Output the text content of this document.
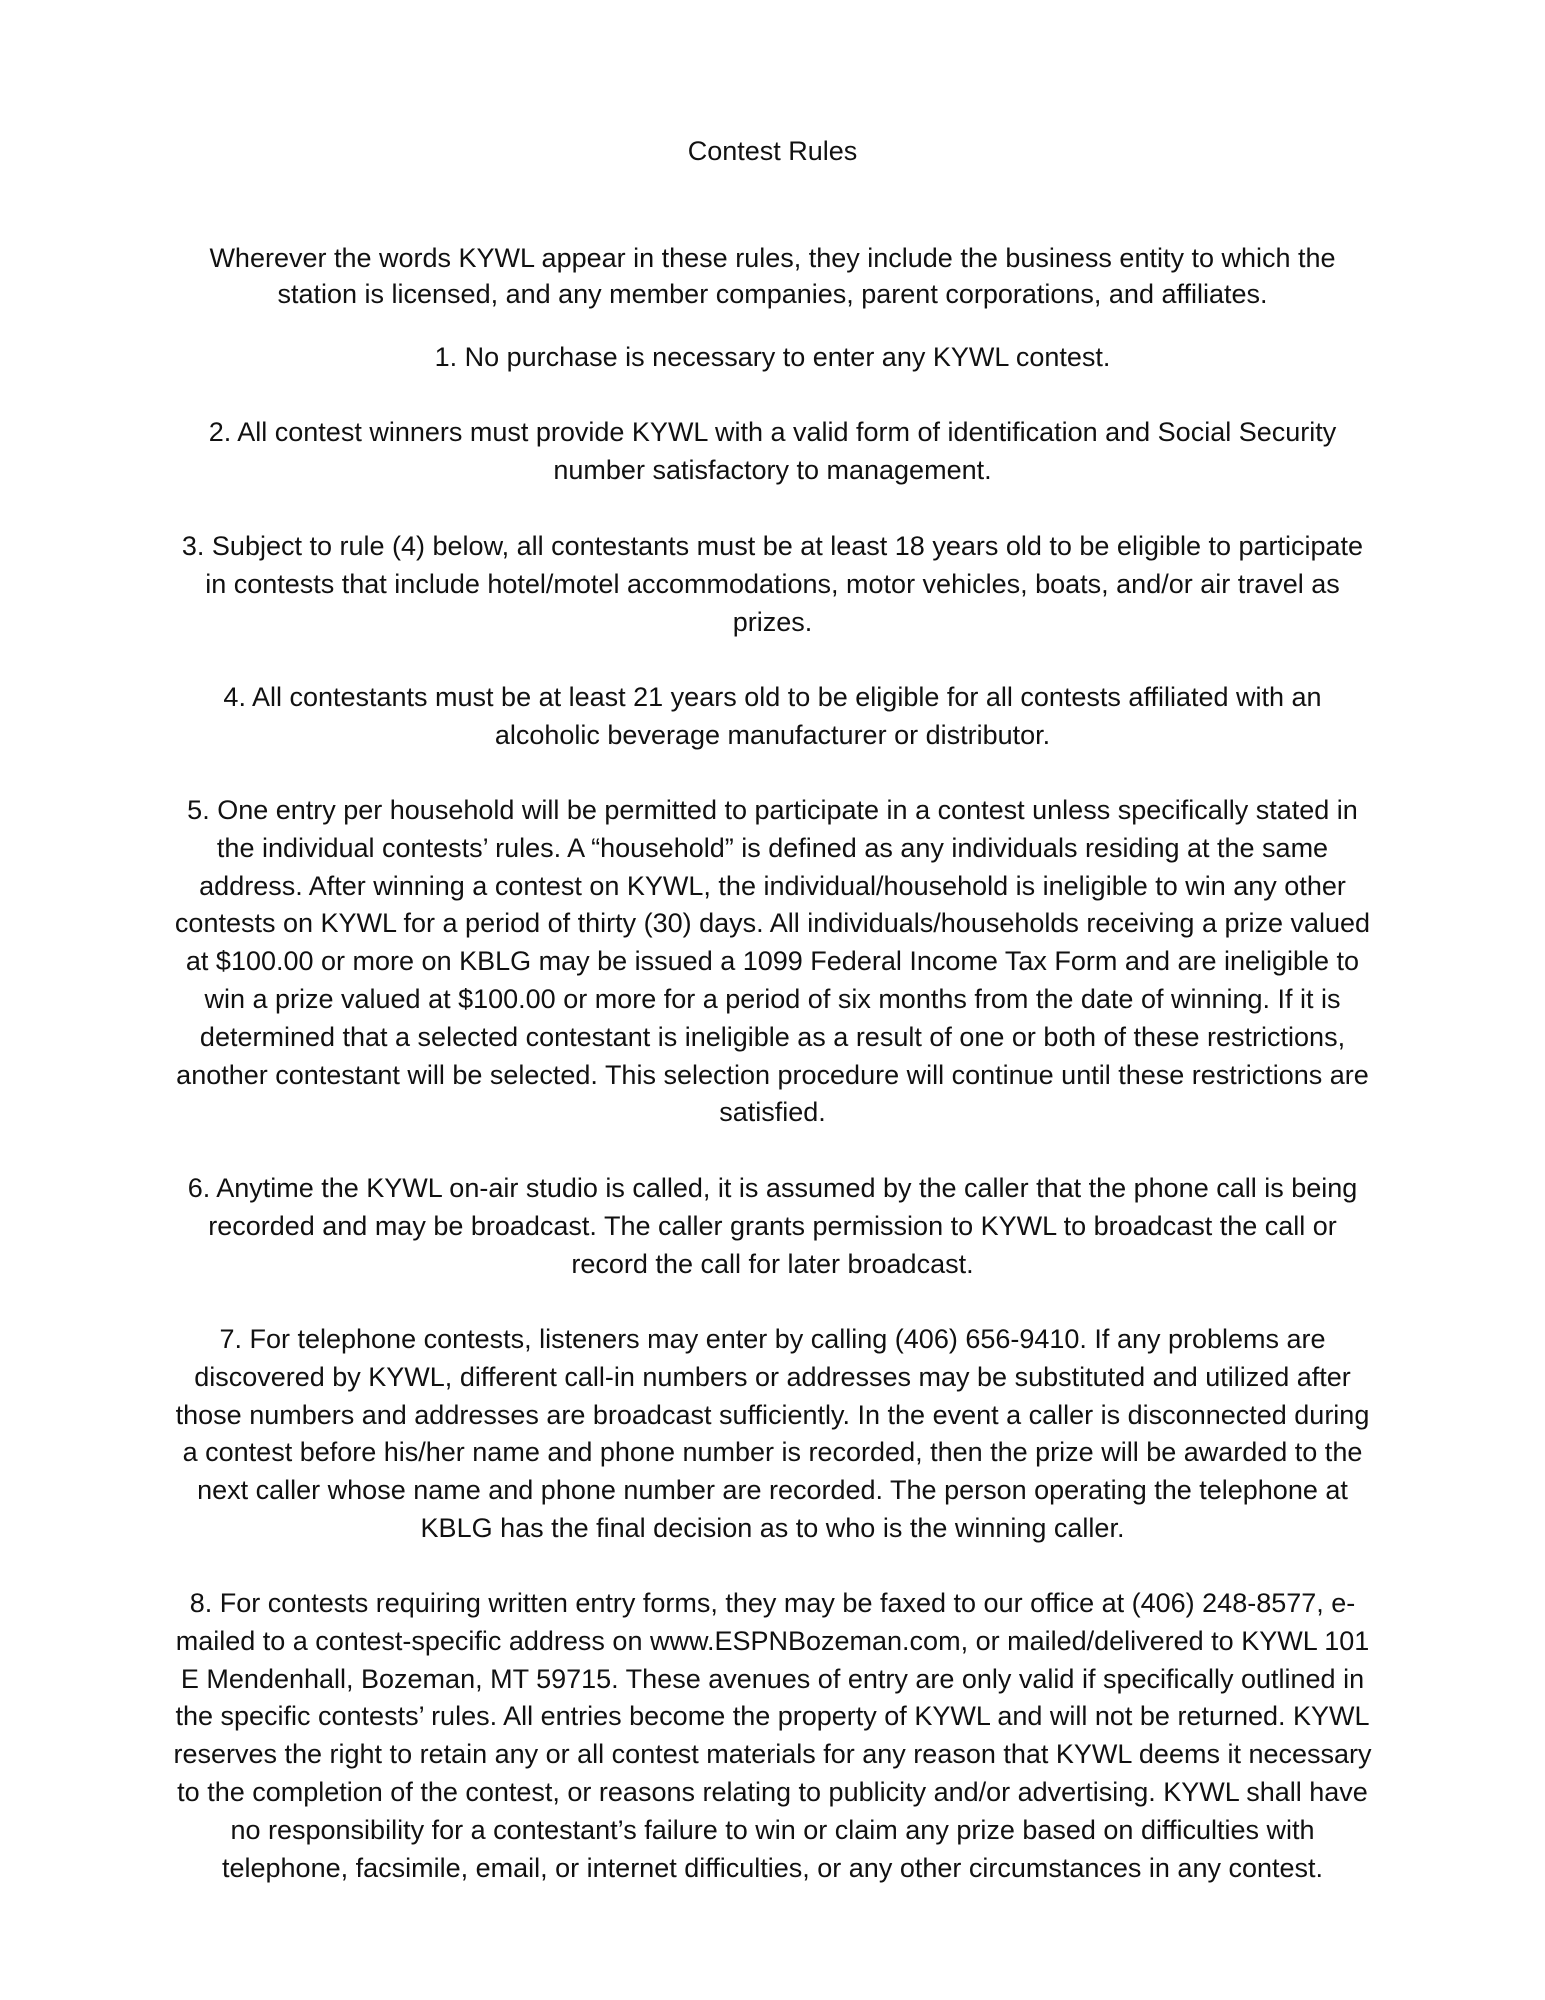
Contest Rules

Wherever the words KYWL appear in these rules, they include the business entity to which the station is licensed, and any member companies, parent corporations, and affiliates.

1. No purchase is necessary to enter any KYWL contest.

2. All contest winners must provide KYWL with a valid form of identification and Social Security number satisfactory to management.

3. Subject to rule (4) below, all contestants must be at least 18 years old to be eligible to participate in contests that include hotel/motel accommodations, motor vehicles, boats, and/or air travel as prizes.

4. All contestants must be at least 21 years old to be eligible for all contests affiliated with an alcoholic beverage manufacturer or distributor.

5. One entry per household will be permitted to participate in a contest unless specifically stated in the individual contests’ rules. A “household” is defined as any individuals residing at the same address. After winning a contest on KYWL, the individual/household is ineligible to win any other contests on KYWL for a period of thirty (30) days. All individuals/households receiving a prize valued at $100.00 or more on KBLG may be issued a 1099 Federal Income Tax Form and are ineligible to win a prize valued at $100.00 or more for a period of six months from the date of winning. If it is determined that a selected contestant is ineligible as a result of one or both of these restrictions, another contestant will be selected. This selection procedure will continue until these restrictions are satisfied.

6. Anytime the KYWL on-air studio is called, it is assumed by the caller that the phone call is being recorded and may be broadcast. The caller grants permission to KYWL to broadcast the call or record the call for later broadcast.

7. For telephone contests, listeners may enter by calling (406) 656-9410. If any problems are discovered by KYWL, different call-in numbers or addresses may be substituted and utilized after those numbers and addresses are broadcast sufficiently. In the event a caller is disconnected during a contest before his/her name and phone number is recorded, then the prize will be awarded to the next caller whose name and phone number are recorded. The person operating the telephone at KBLG has the final decision as to who is the winning caller.

8. For contests requiring written entry forms, they may be faxed to our office at (406) 248-8577, e-mailed to a contest-specific address on www.ESPNBozeman.com, or mailed/delivered to KYWL 101 E Mendenhall, Bozeman, MT 59715. These avenues of entry are only valid if specifically outlined in the specific contests’ rules. All entries become the property of KYWL and will not be returned. KYWL reserves the right to retain any or all contest materials for any reason that KYWL deems it necessary to the completion of the contest, or reasons relating to publicity and/or advertising. KYWL shall have no responsibility for a contestant’s failure to win or claim any prize based on difficulties with telephone, facsimile, email, or internet difficulties, or any other circumstances in any contest.
